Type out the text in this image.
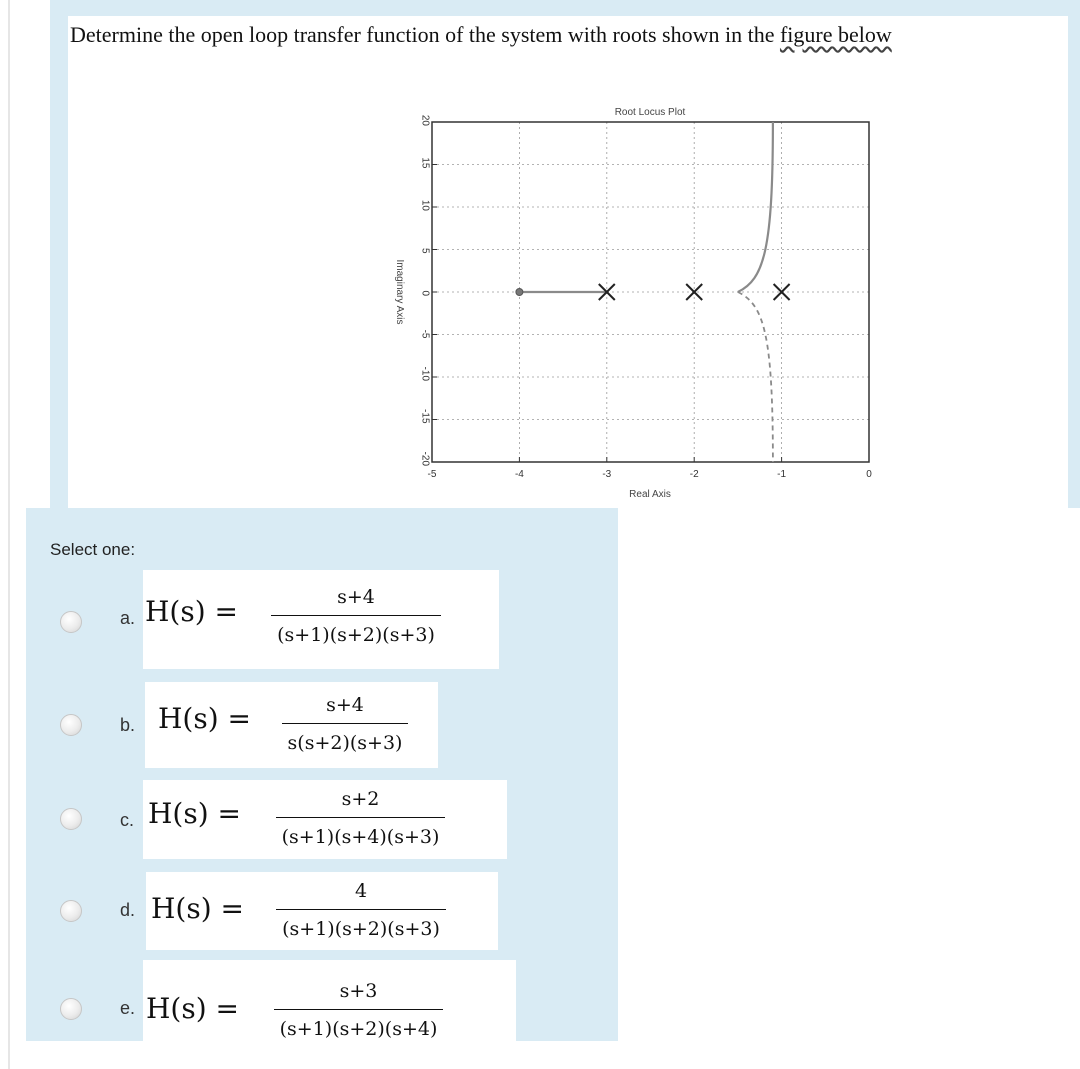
Determine the open loop transfer function of the system with roots shown in the figure below
-5	-4	-3	-2	-1	0
20
15
10
5
0
-5
-10
-15
-20
Root Locus Plot
Real Axis
Imaginary Axis
Select one:
a. $H(s) = \frac{s+4}{(s+1)(s+2)(s+3)}$
b. $H(s) = \frac{s+4}{s(s+2)(s+3)}$
c. $H(s) = \frac{s+2}{(s+1)(s+4)(s+3)}$
d. $H(s) = \frac{4}{(s+1)(s+2)(s+3)}$
e. $H(s) = \frac{s+3}{(s+1)(s+2)(s+4)}$
